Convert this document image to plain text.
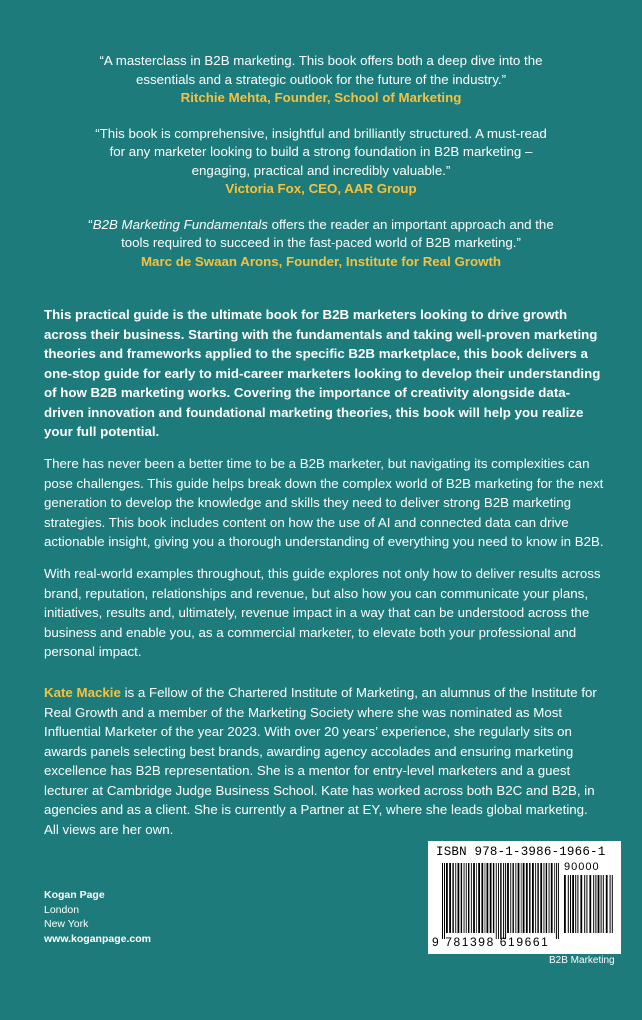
“A masterclass in B2B marketing. This book offers both a deep dive into the essentials and a strategic outlook for the future of the industry.”
Ritchie Mehta, Founder, School of Marketing
“This book is comprehensive, insightful and brilliantly structured. A must-read for any marketer looking to build a strong foundation in B2B marketing – engaging, practical and incredibly valuable.”
Victoria Fox, CEO, AAR Group
“B2B Marketing Fundamentals offers the reader an important approach and the tools required to succeed in the fast-paced world of B2B marketing.”
Marc de Swaan Arons, Founder, Institute for Real Growth
This practical guide is the ultimate book for B2B marketers looking to drive growth across their business. Starting with the fundamentals and taking well-proven marketing theories and frameworks applied to the specific B2B marketplace, this book delivers a one-stop guide for early to mid-career marketers looking to develop their understanding of how B2B marketing works. Covering the importance of creativity alongside data-driven innovation and foundational marketing theories, this book will help you realize your full potential.
There has never been a better time to be a B2B marketer, but navigating its complexities can pose challenges. This guide helps break down the complex world of B2B marketing for the next generation to develop the knowledge and skills they need to deliver strong B2B marketing strategies. This book includes content on how the use of AI and connected data can drive actionable insight, giving you a thorough understanding of everything you need to know in B2B.
With real-world examples throughout, this guide explores not only how to deliver results across brand, reputation, relationships and revenue, but also how you can communicate your plans, initiatives, results and, ultimately, revenue impact in a way that can be understood across the business and enable you, as a commercial marketer, to elevate both your professional and personal impact.
Kate Mackie is a Fellow of the Chartered Institute of Marketing, an alumnus of the Institute for Real Growth and a member of the Marketing Society where she was nominated as Most Influential Marketer of the year 2023. With over 20 years’ experience, she regularly sits on awards panels selecting best brands, awarding agency accolades and ensuring marketing excellence has B2B representation. She is a mentor for entry-level marketers and a guest lecturer at Cambridge Judge Business School. Kate has worked across both B2C and B2B, in agencies and as a client. She is currently a Partner at EY, where she leads global marketing. All views are her own.
Kogan Page
London
New York
www.koganpage.com
ISBN 978-1-3986-1966-1
90000
9 781398 619661
B2B Marketing
